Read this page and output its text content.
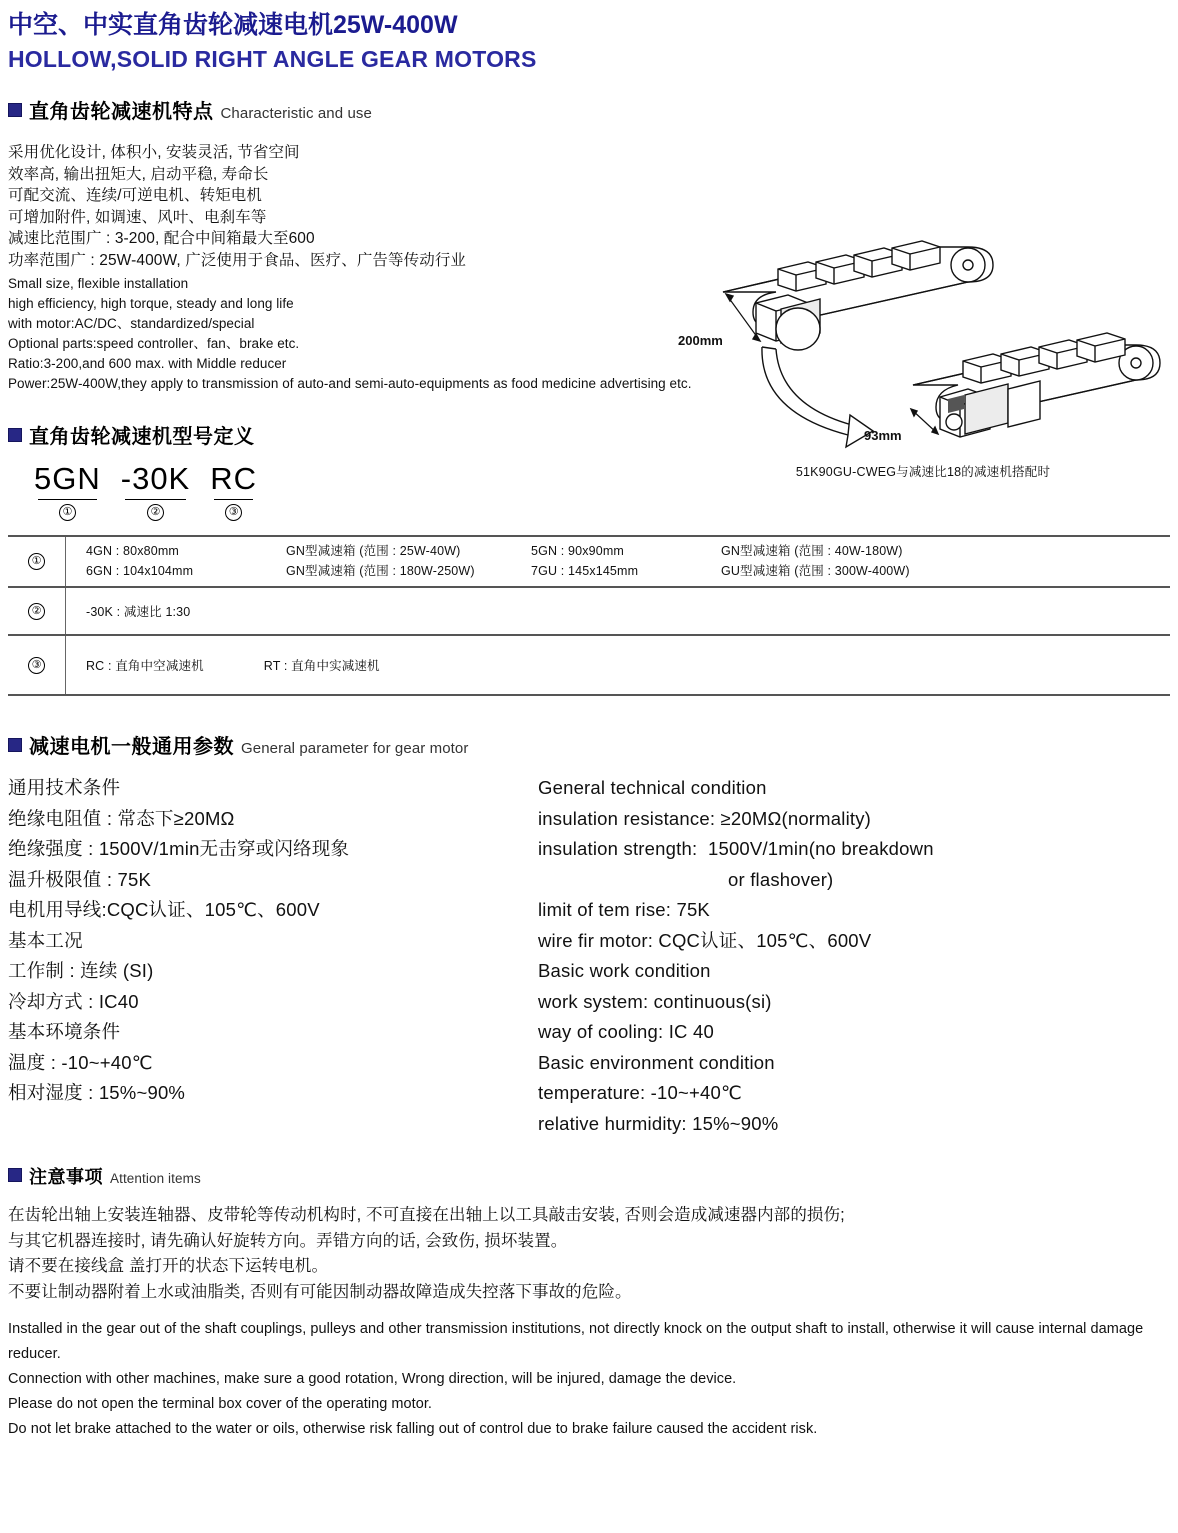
中空、中实直角齿轮减速电机25W-400W
HOLLOW,SOLID RIGHT ANGLE GEAR MOTORS
直角齿轮减速机特点 Characteristic and use
采用优化设计, 体积小, 安装灵活, 节省空间
效率高, 输出扭矩大, 启动平稳, 寿命长
可配交流、连续/可逆电机、转矩电机
可增加附件, 如调速、风叶、电刹车等
减速比范围广 : 3-200, 配合中间箱最大至600
功率范围广 : 25W-400W, 广泛使用于食品、医疗、广告等传动行业
Small size, flexible installation
high efficiency, high torque, steady and long life
with motor:AC/DC、standardized/special
Optional parts:speed controller、fan、brake etc.
Ratio:3-200,and 600 max. with Middle reducer
Power:25W-400W,they apply to transmission of auto-and semi-auto-equipments as food medicine advertising etc.
200mm
93mm
51K90GU-CWEG与减速比18的减速机搭配时
直角齿轮减速机型号定义
5GN
①
-30K
②
RC
③
①
4GN : 80x80mm	GN型减速箱 (范围 : 25W-40W)	5GN : 90x90mm	GN型减速箱 (范围 : 40W-180W)
6GN : 104x104mm	GN型减速箱 (范围 : 180W-250W)	7GU : 145x145mm	GU型减速箱 (范围 : 300W-400W)
②	-30K : 减速比 1:30
③	RC : 直角中空减速机	RT : 直角中实减速机
减速电机一般通用参数 General parameter for gear motor
通用技术条件
绝缘电阻值 : 常态下≥20MΩ
绝缘强度 : 1500V/1min无击穿或闪络现象
温升极限值 : 75K
电机用导线:CQC认证、105℃、600V
基本工况
工作制 : 连续 (SI)
冷却方式 : IC40
基本环境条件
温度 : -10~+40℃
相对湿度 : 15%~90%
General technical condition
insulation resistance: ≥20MΩ(normality)
insulation strength:  1500V/1min(no breakdown
or flashover)
limit of tem rise: 75K
wire fir motor: CQC认证、105℃、600V
Basic work condition
work system: continuous(si)
way of cooling: IC 40
Basic environment condition
temperature: -10~+40℃
relative hurmidity: 15%~90%
注意事项 Attention items

在齿轮出轴上安装连轴器、皮带轮等传动机构时, 不可直接在出轴上以工具敲击安装, 否则会造成减速器内部的损伤;

与其它机器连接时, 请先确认好旋转方向。弄错方向的话, 会致伤, 损坏装置。

请不要在接线盒 盖打开的状态下运转电机。

不要让制动器附着上水或油脂类, 否则有可能因制动器故障造成失控落下事故的危险。

Installed in the gear out of the shaft couplings, pulleys and other transmission institutions, not directly knock on the output shaft to install, otherwise it will cause internal damage reducer.

Connection with other machines, make sure a good rotation, Wrong direction, will be injured, damage the device.

Please do not open the terminal box cover of the operating motor.

Do not let brake attached to the water or oils, otherwise risk falling out of control due to brake failure caused the accident risk.
